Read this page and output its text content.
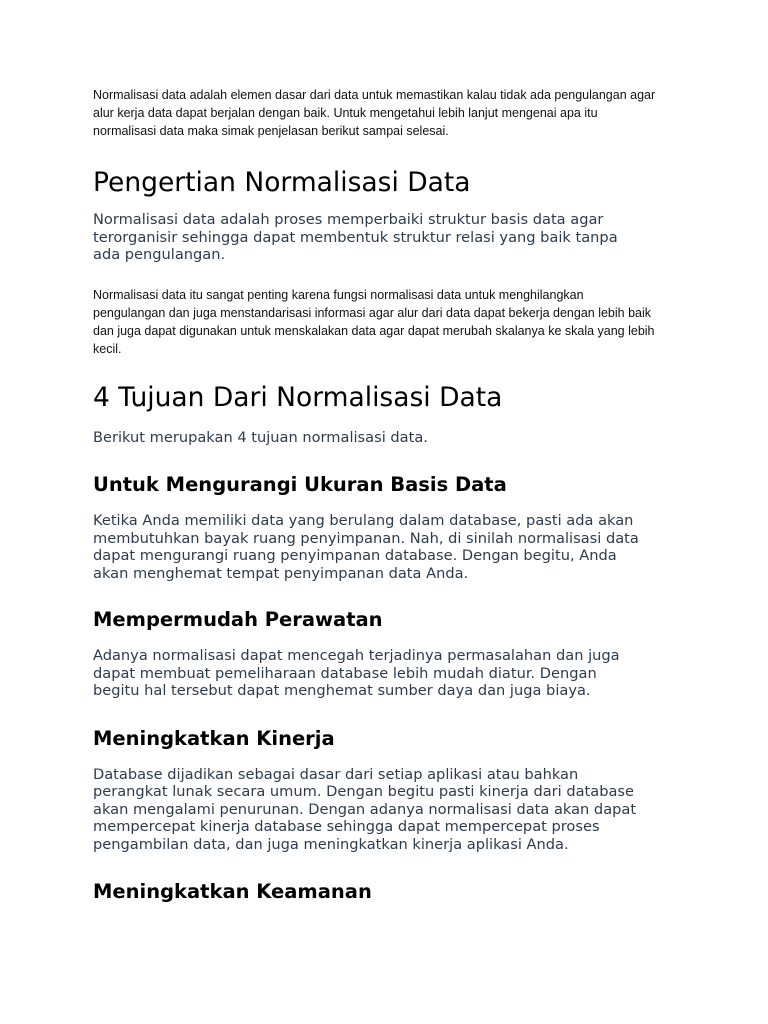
Normalisasi data adalah elemen dasar dari data untuk memastikan kalau tidak ada pengulangan agar
alur kerja data dapat berjalan dengan baik. Untuk mengetahui lebih lanjut mengenai apa itu
normalisasi data maka simak penjelasan berikut sampai selesai.

Pengertian Normalisasi Data

Normalisasi data adalah proses memperbaiki struktur basis data agar
terorganisir sehingga dapat membentuk struktur relasi yang baik tanpa
ada pengulangan.

Normalisasi data itu sangat penting karena fungsi normalisasi data untuk menghilangkan
pengulangan dan juga menstandarisasi informasi agar alur dari data dapat bekerja dengan lebih baik
dan juga dapat digunakan untuk menskalakan data agar dapat merubah skalanya ke skala yang lebih
kecil.

4 Tujuan Dari Normalisasi Data

Berikut merupakan 4 tujuan normalisasi data.

Untuk Mengurangi Ukuran Basis Data

Ketika Anda memiliki data yang berulang dalam database, pasti ada akan
membutuhkan bayak ruang penyimpanan. Nah, di sinilah normalisasi data
dapat mengurangi ruang penyimpanan database. Dengan begitu, Anda
akan menghemat tempat penyimpanan data Anda.

Mempermudah Perawatan

Adanya normalisasi dapat mencegah terjadinya permasalahan dan juga
dapat membuat pemeliharaan database lebih mudah diatur. Dengan
begitu hal tersebut dapat menghemat sumber daya dan juga biaya.

Meningkatkan Kinerja

Database dijadikan sebagai dasar dari setiap aplikasi atau bahkan
perangkat lunak secara umum. Dengan begitu pasti kinerja dari database
akan mengalami penurunan. Dengan adanya normalisasi data akan dapat
mempercepat kinerja database sehingga dapat mempercepat proses
pengambilan data, dan juga meningkatkan kinerja aplikasi Anda.

Meningkatkan Keamanan
